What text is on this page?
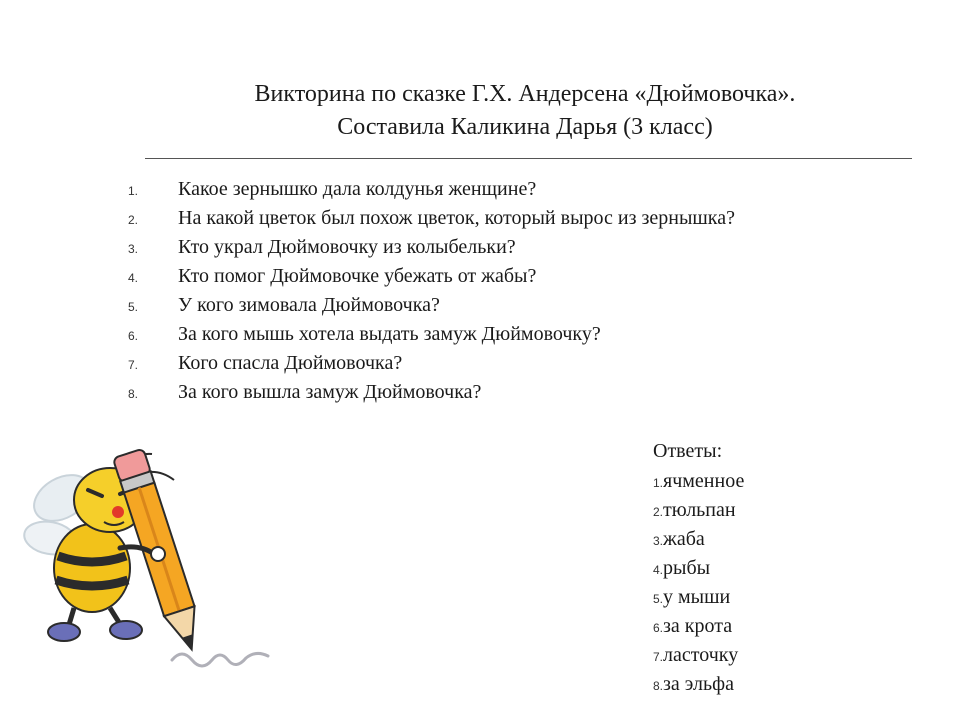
Викторина по сказке Г.Х. Андерсена «Дюймовочка».
Составила Каликина Дарья (3 класс)
1.	Какое зернышко дала колдунья женщине?
2.	На какой цветок был похож цветок, который вырос из зернышка?
3.	Кто украл Дюймовочку из колыбельки?
4.	Кто помог Дюймовочке убежать от жабы?
5.	У кого зимовала Дюймовочка?
6.	За кого мышь хотела выдать замуж Дюймовочку?
7.	Кого спасла Дюймовочка?
8.	За кого вышла замуж Дюймовочка?
Ответы:
1. ячменное
2. тюльпан
3. жаба
4. рыбы
5. у мыши
6. за крота
7. ласточку
8. за эльфа
